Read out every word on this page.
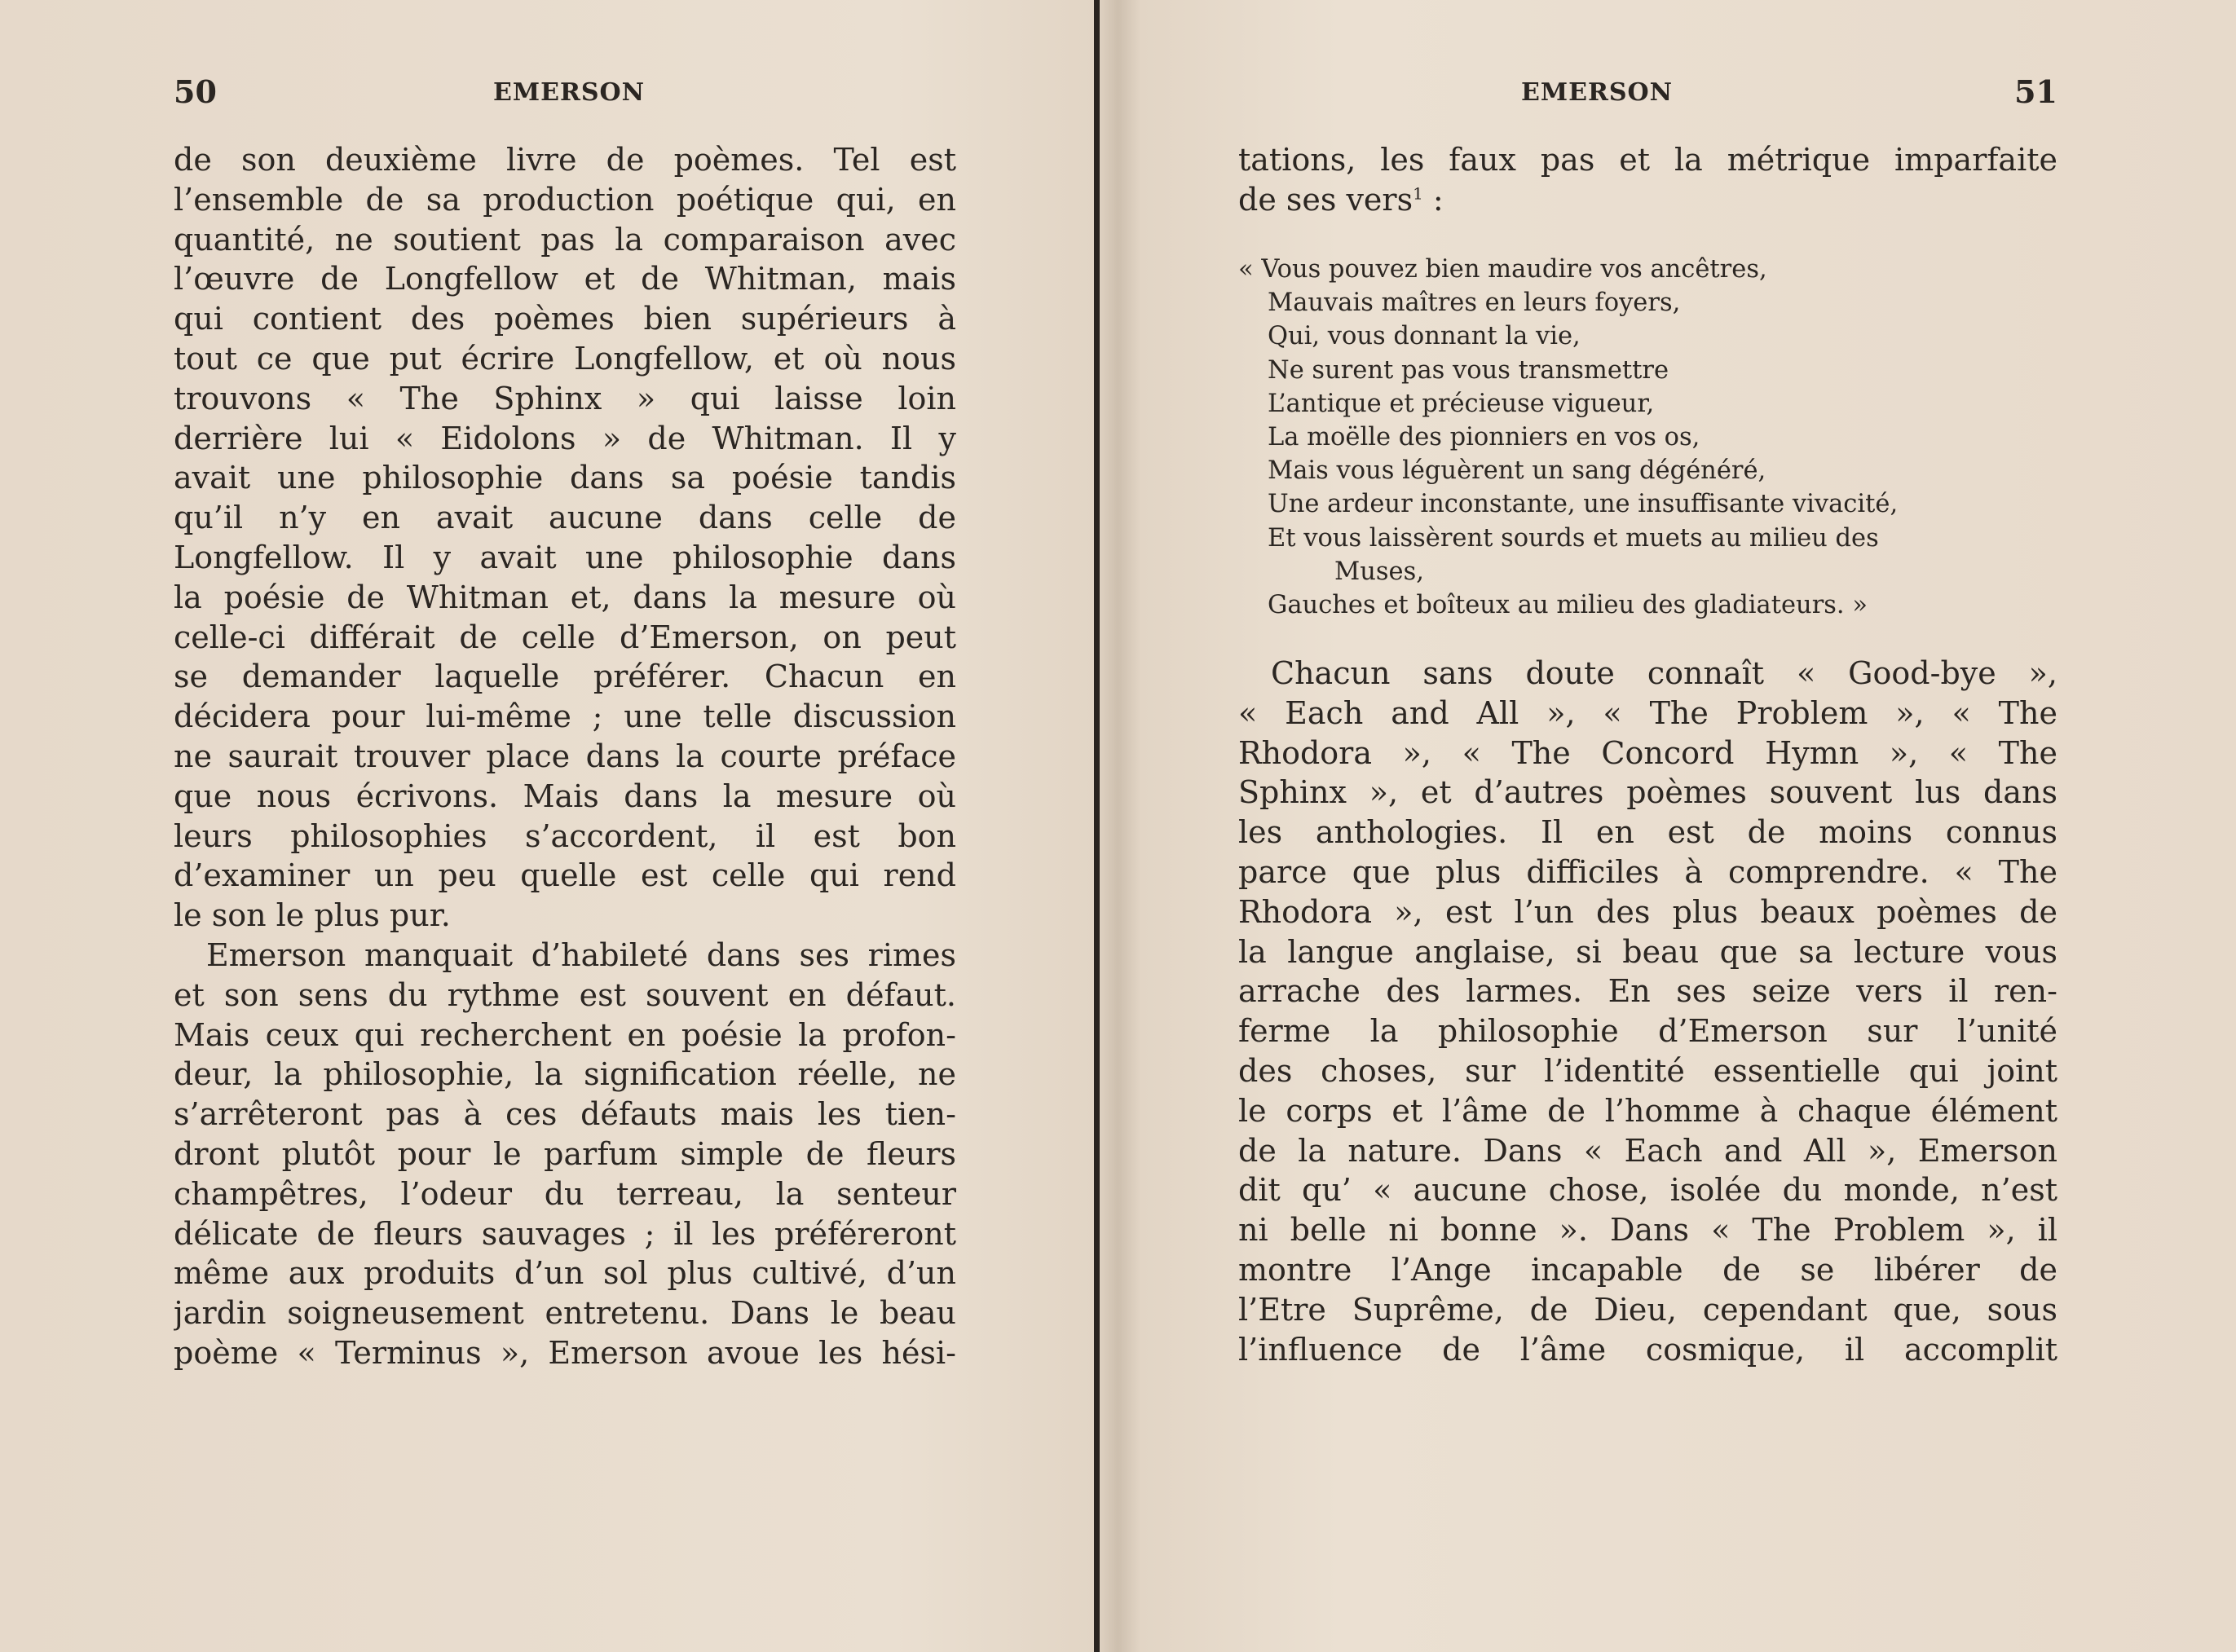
50	EMERSON
de son deuxième livre de poèmes. Tel est
l’ensemble de sa production poétique qui, en
quantité, ne soutient pas la comparaison avec
l’œuvre de Longfellow et de Whitman, mais
qui contient des poèmes bien supérieurs à
tout ce que put écrire Longfellow, et où nous
trouvons « The Sphinx » qui laisse loin
derrière lui « Eidolons » de Whitman. Il y
avait une philosophie dans sa poésie tandis
qu’il n’y en avait aucune dans celle de
Longfellow. Il y avait une philosophie dans
la poésie de Whitman et, dans la mesure où
celle-ci différait de celle d’Emerson, on peut
se demander laquelle préférer. Chacun en
décidera pour lui-même ; une telle discussion
ne saurait trouver place dans la courte préface
que nous écrivons. Mais dans la mesure où
leurs philosophies s’accordent, il est bon
d’examiner un peu quelle est celle qui rend
le son le plus pur.
Emerson manquait d’habileté dans ses rimes
et son sens du rythme est souvent en défaut.
Mais ceux qui recherchent en poésie la profon-
deur, la philosophie, la signification réelle, ne
s’arrêteront pas à ces défauts mais les tien-
dront plutôt pour le parfum simple de fleurs
champêtres, l’odeur du terreau, la senteur
délicate de fleurs sauvages ; il les préféreront
même aux produits d’un sol plus cultivé, d’un
jardin soigneusement entretenu. Dans le beau
poème « Terminus », Emerson avoue les hési-
EMERSON	51
tations, les faux pas et la métrique imparfaite
de ses vers$^1$ :
« Vous pouvez bien maudire vos ancêtres,
Mauvais maîtres en leurs foyers,
Qui, vous donnant la vie,
Ne surent pas vous transmettre
L’antique et précieuse vigueur,
La moëlle des pionniers en vos os,
Mais vous léguèrent un sang dégénéré,
Une ardeur inconstante, une insuffisante vivacité,
Et vous laissèrent sourds et muets au milieu des
Muses,
Gauches et boîteux au milieu des gladiateurs. »
Chacun sans doute connaît « Good-bye »,
« Each and All », « The Problem », « The
Rhodora », « The Concord Hymn », « The
Sphinx », et d’autres poèmes souvent lus dans
les anthologies. Il en est de moins connus
parce que plus difficiles à comprendre. « The
Rhodora », est l’un des plus beaux poèmes de
la langue anglaise, si beau que sa lecture vous
arrache des larmes. En ses seize vers il ren-
ferme la philosophie d’Emerson sur l’unité
des choses, sur l’identité essentielle qui joint
le corps et l’âme de l’homme à chaque élément
de la nature. Dans « Each and All », Emerson
dit qu’ « aucune chose, isolée du monde, n’est
ni belle ni bonne ». Dans « The Problem », il
montre l’Ange incapable de se libérer de
l’Etre Suprême, de Dieu, cependant que, sous
l’influence de l’âme cosmique, il accomplit
